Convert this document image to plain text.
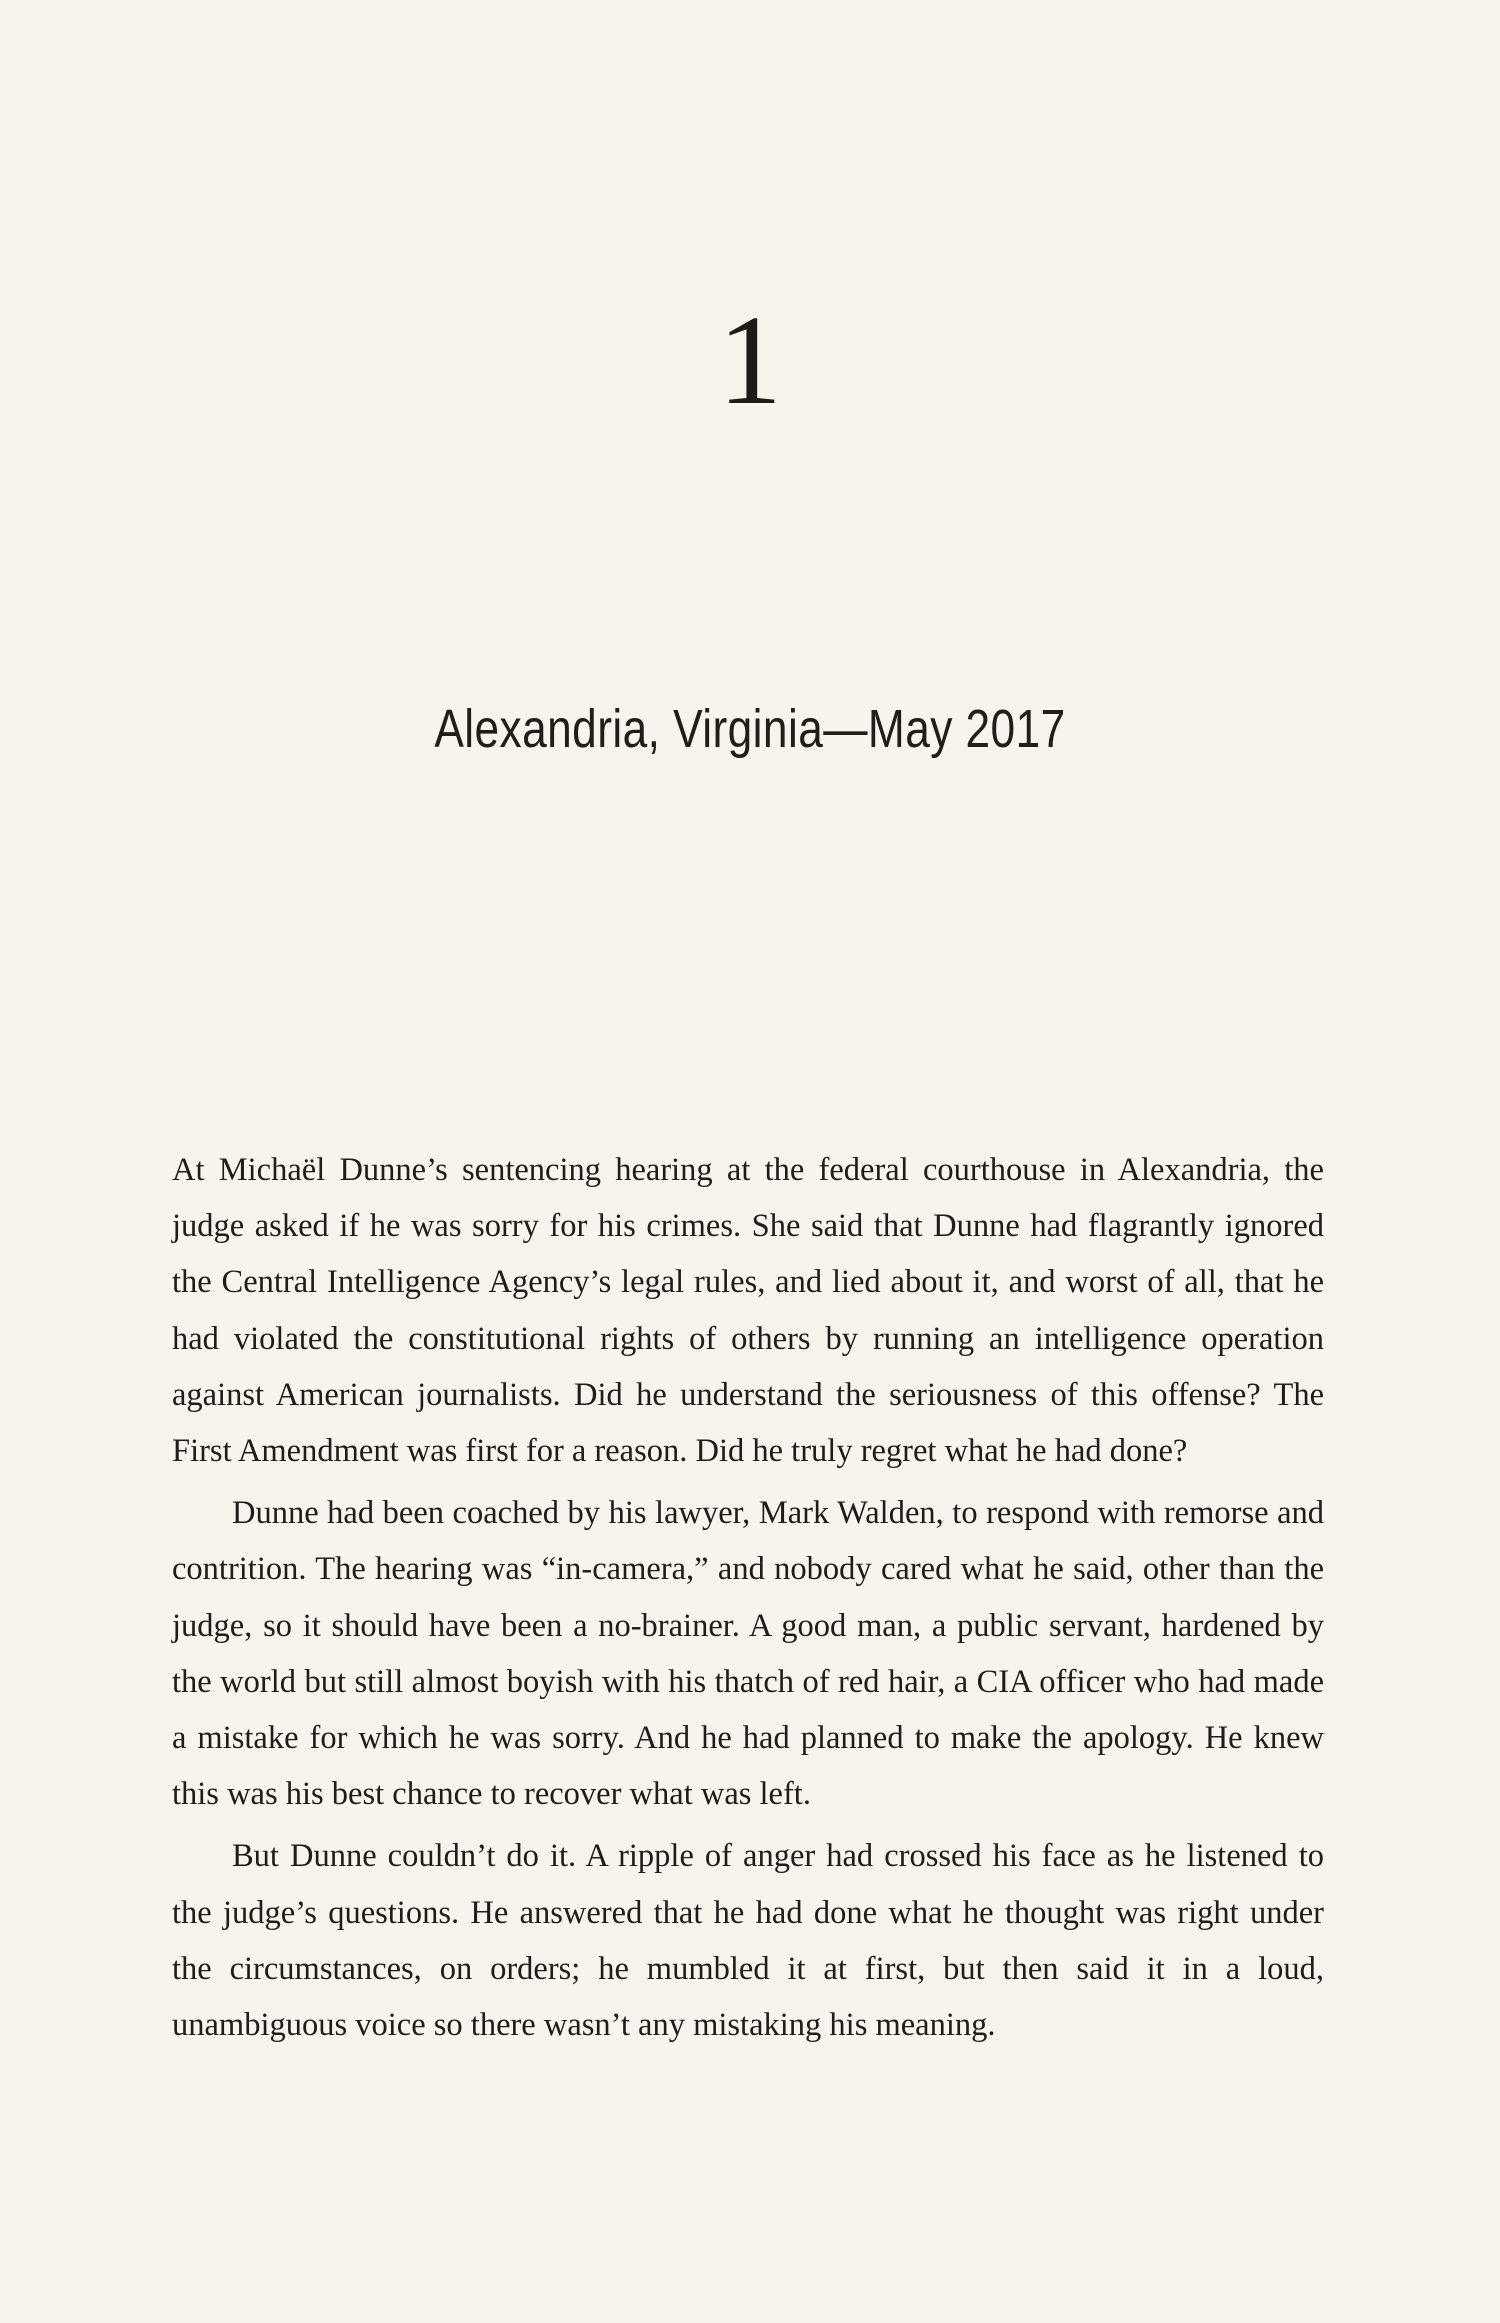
1
Alexandria, Virginia—May 2017

At Michaël Dunne’s sentencing hearing at the federal courthouse in Alexandria, the judge asked if he was sorry for his crimes. She said that Dunne had flagrantly ignored the Central Intelligence Agency’s legal rules, and lied about it, and worst of all, that he had violated the constitutional rights of others by running an intelligence operation against American journalists. Did he understand the seriousness of this offense? The First Amendment was first for a reason. Did he truly regret what he had done?

Dunne had been coached by his lawyer, Mark Walden, to respond with remorse and contrition. The hearing was “in-camera,” and nobody cared what he said, other than the judge, so it should have been a no-brainer. A good man, a public servant, hardened by the world but still almost boyish with his thatch of red hair, a CIA officer who had made a mistake for which he was sorry. And he had planned to make the apology. He knew this was his best chance to recover what was left.

But Dunne couldn’t do it. A ripple of anger had crossed his face as he listened to the judge’s questions. He answered that he had done what he thought was right under the circumstances, on orders; he mumbled it at first, but then said it in a loud, unambiguous voice so there wasn’t any mistaking his meaning.
